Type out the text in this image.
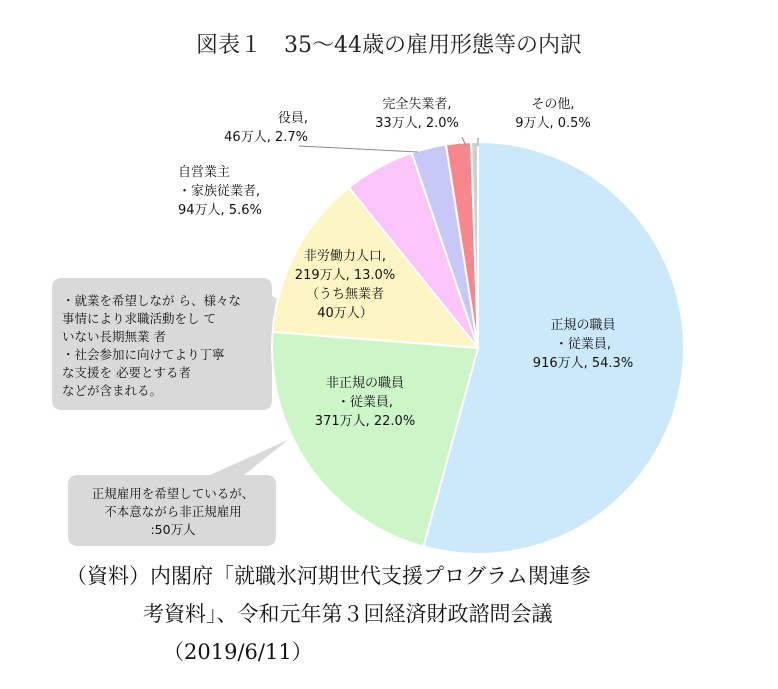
図表１　35～44歳の雇用形態等の内訳
正規の職員
・従業員,
916万人, 54.3%
非正規の職員
・従業員,
371万人, 22.0%
非労働力人口,
219万人, 13.0%
（うち無業者
40万人）
自営業主
・家族従業者,
94万人, 5.6%
役員,
46万人, 2.7%
完全失業者,
33万人, 2.0%
その他,
9万人, 0.5%
・就業を希望しなが ら、様々な
事情により求職活動をし て
いない長期無業 者
・社会参加に向けてより丁寧
な支援を 必要とする者
などが含まれる。
正規雇用を希望しているが、
不本意ながら非正規雇用
:50万人
（資料）内閣府「就職氷河期世代支援プログラム関連参
考資料」、令和元年第３回経済財政諮問会議
（2019/6/11）
